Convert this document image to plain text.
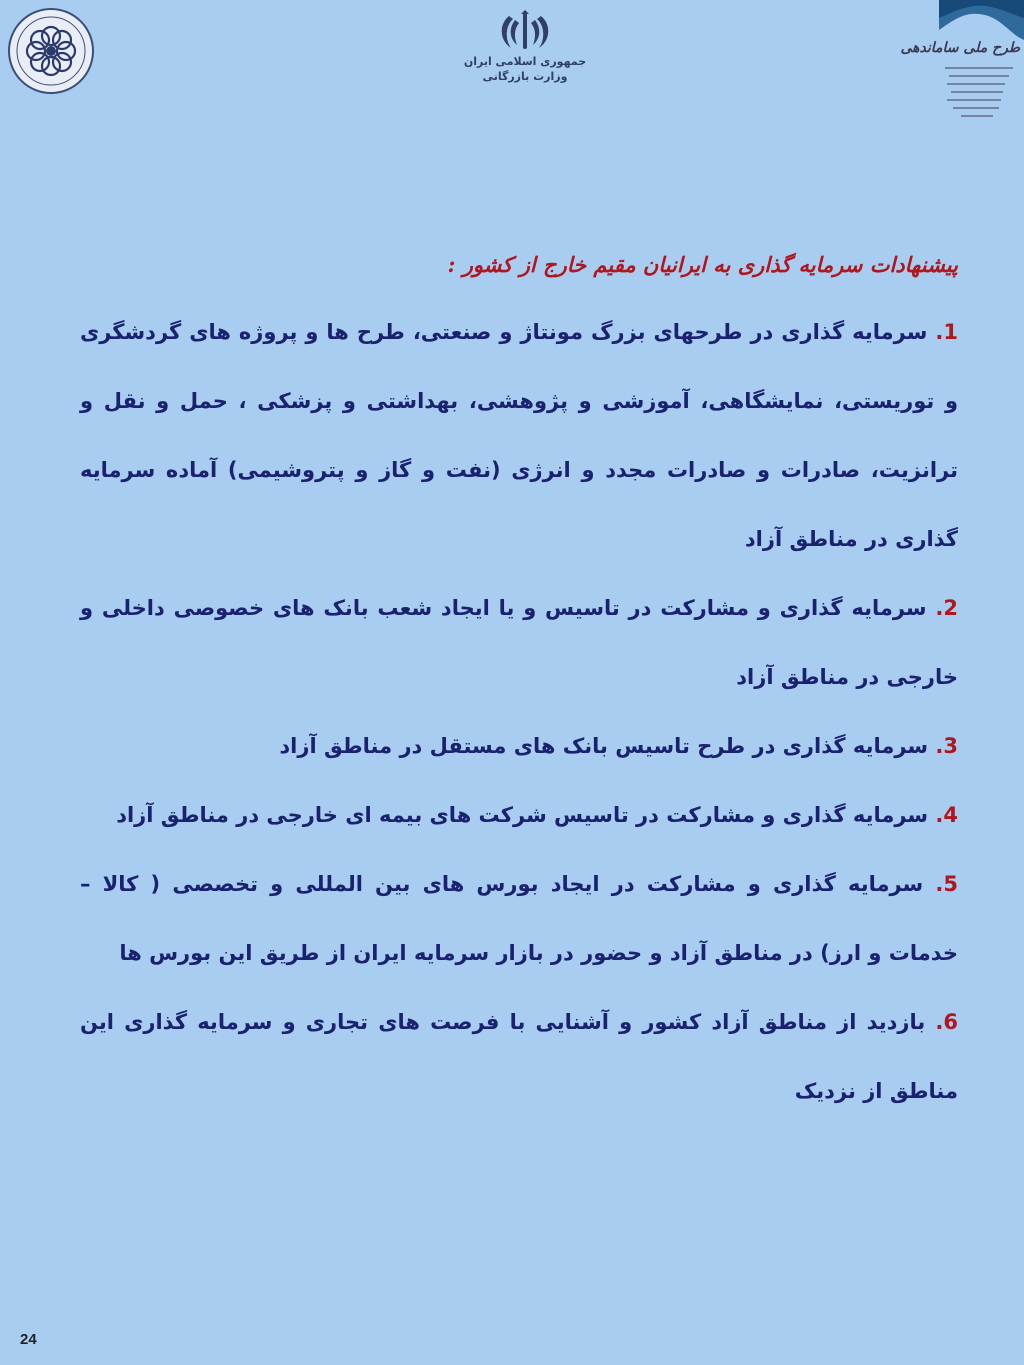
جمهوری اسلامی ایران
وزارت بازرگانی
طرح ملی ساماندهی

پیشنهادات سرمایه گذاری به ایرانیان مقیم خارج از کشور :

1. سرمایه گذاری در طرحهای بزرگ مونتاژ و صنعتی، طرح ها و پروژه های گردشگری و توریستی، نمایشگاهی، آموزشی و پژوهشی، بهداشتی و پزشکی ، حمل و نقل و ترانزیت، صادرات و صادرات مجدد و انرژی (نفت و گاز و پتروشیمی) آماده سرمایه گذاری در مناطق آزاد

2. سرمایه گذاری و مشارکت در تاسیس و یا ایجاد شعب بانک های خصوصی داخلی و خارجی در مناطق آزاد

3. سرمایه گذاری در طرح تاسیس بانک های مستقل در مناطق آزاد

4. سرمایه گذاری و مشارکت در تاسیس شرکت های بیمه ای خارجی در مناطق آزاد

5. سرمایه گذاری و مشارکت در ایجاد بورس های بین المللی و تخصصی ( کالا – خدمات و ارز) در مناطق آزاد و حضور در بازار سرمایه ایران از طریق این بورس ها

6. بازدید از مناطق آزاد کشور و آشنایی با فرصت های تجاری و سرمایه گذاری این مناطق از نزدیک

24
